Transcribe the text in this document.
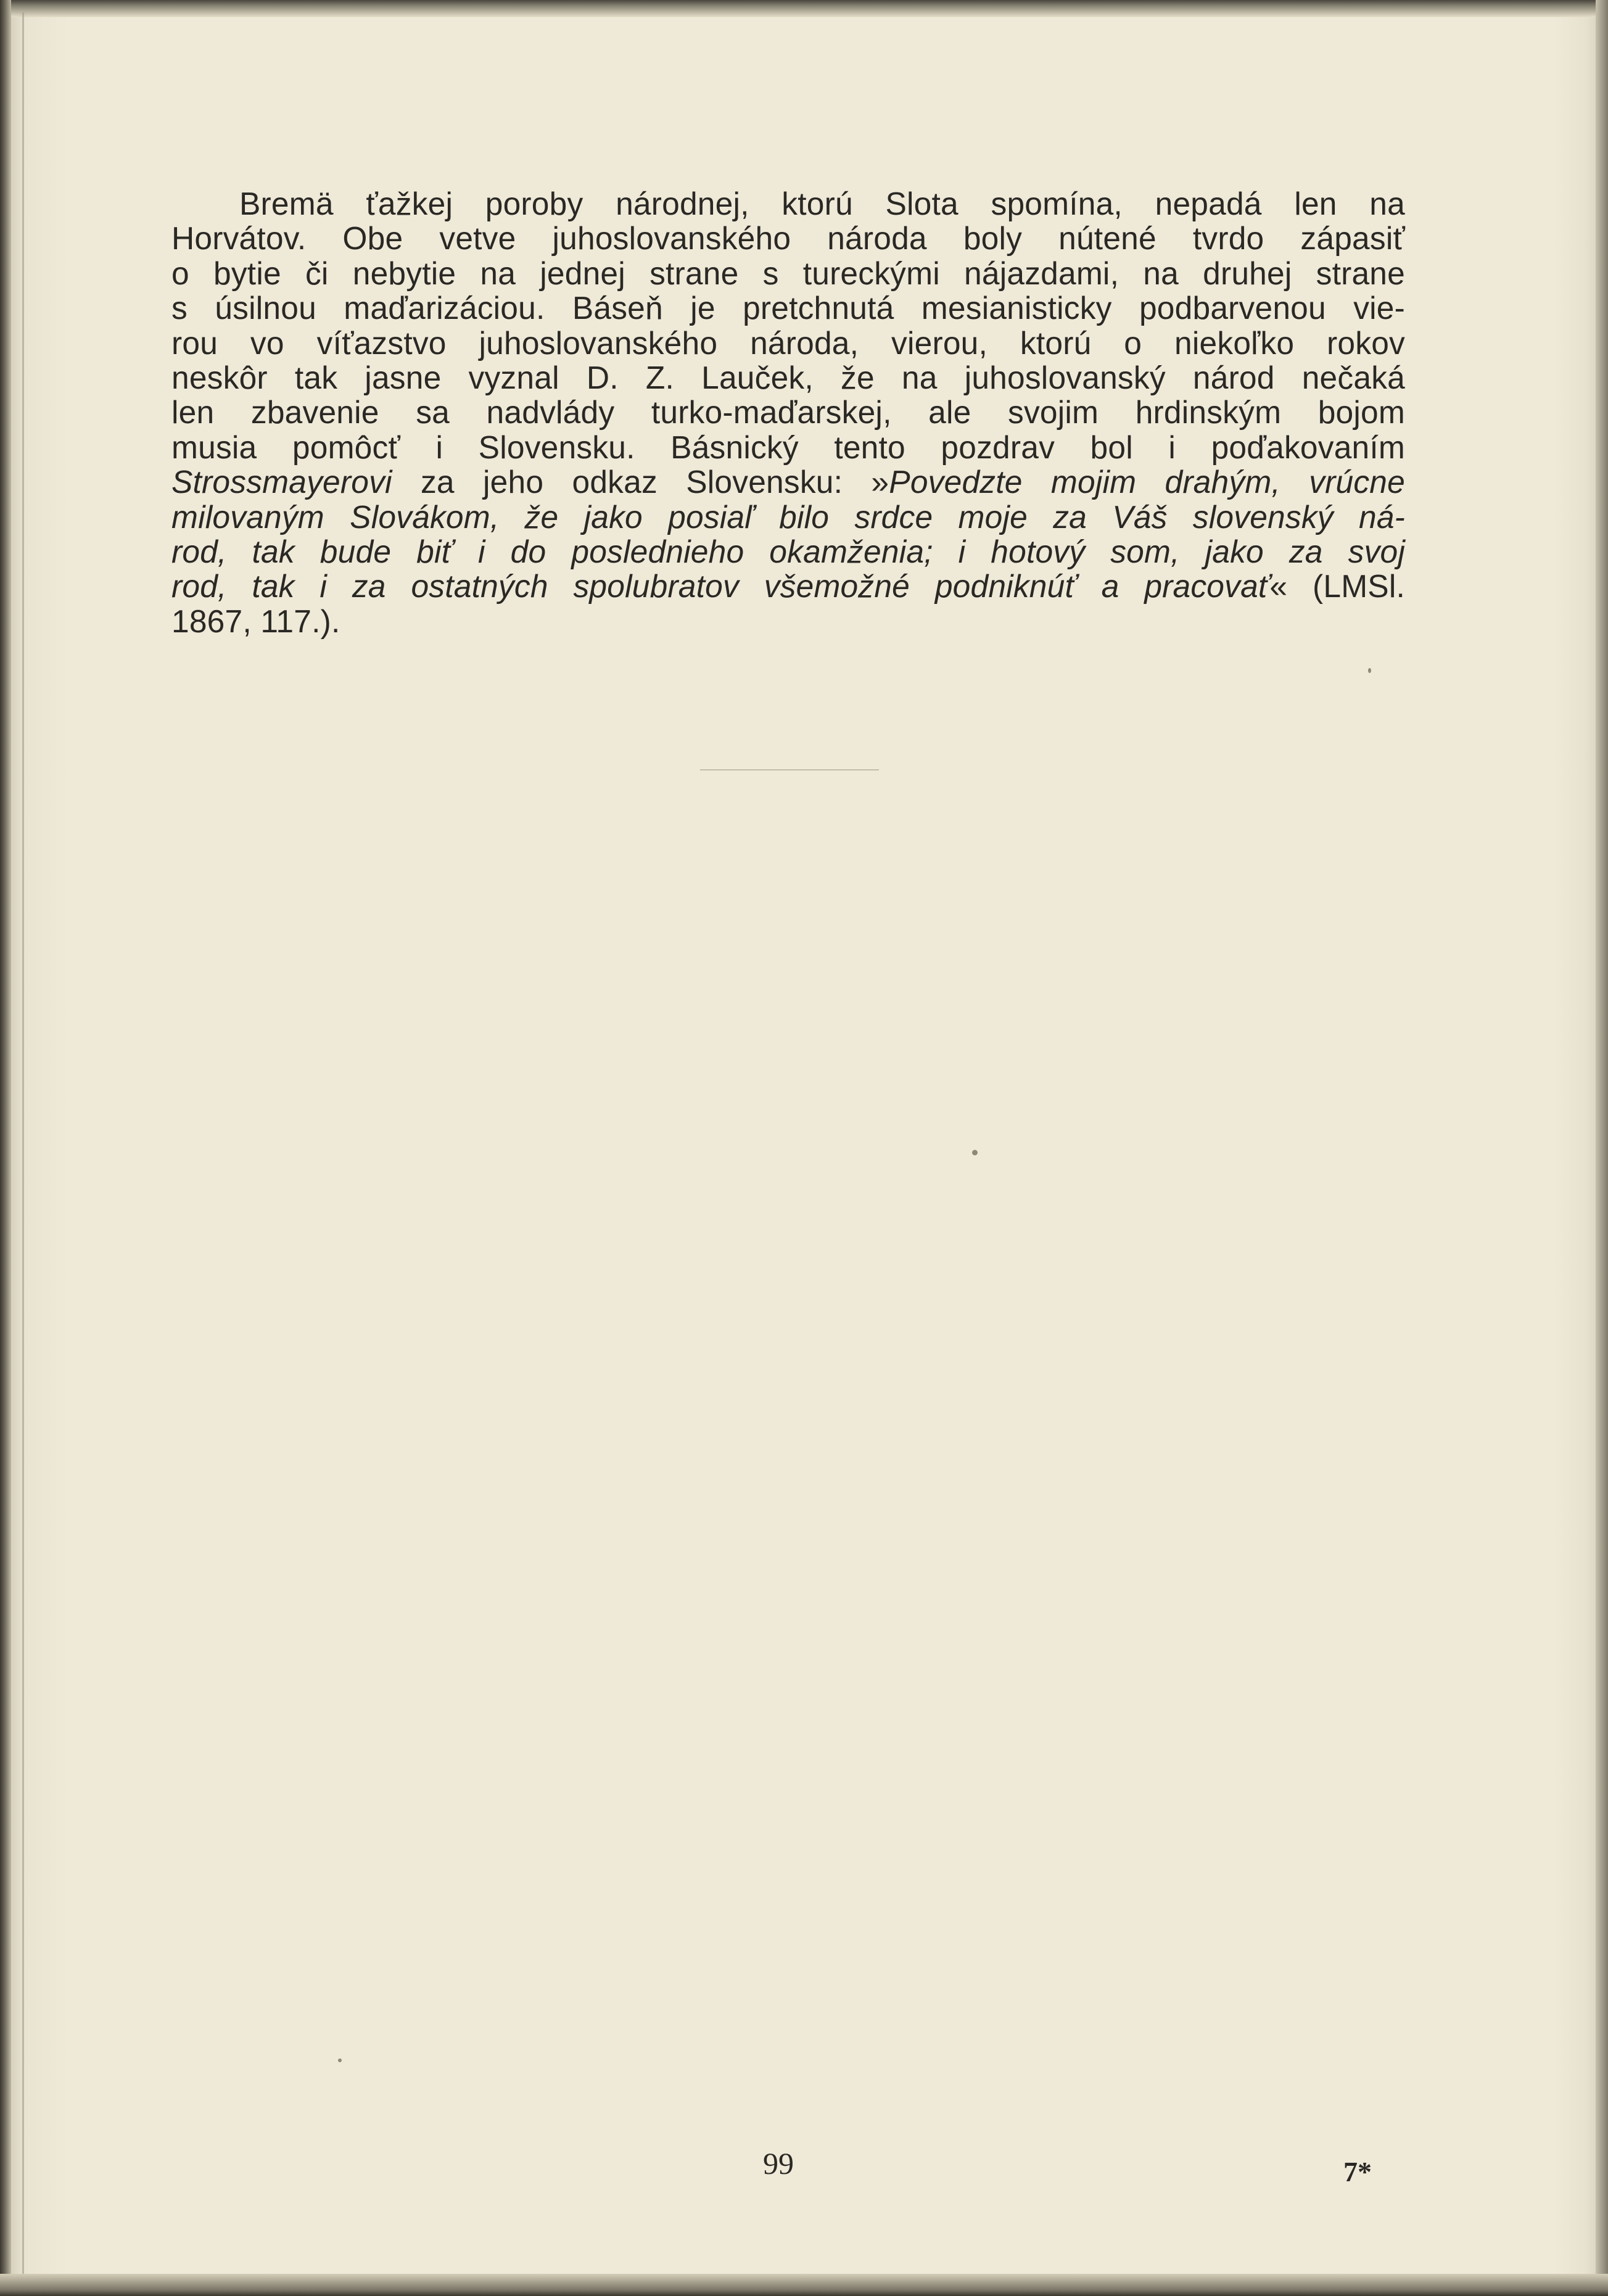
Bremä ťažkej poroby národnej, ktorú Slota spomína, nepadá len na
Horvátov. Obe vetve juhoslovanského národa boly nútené tvrdo zápasiť
o bytie či nebytie na jednej strane s tureckými nájazdami, na druhej strane
s úsilnou maďarizáciou. Báseň je pretchnutá mesianisticky podbarvenou vie-
rou vo víťazstvo juhoslovanského národa, vierou, ktorú o niekoľko rokov
neskôr tak jasne vyznal D. Z. Lauček, že na juhoslovanský národ nečaká
len zbavenie sa nadvlády turko-maďarskej, ale svojim hrdinským bojom
musia pomôcť i Slovensku. Básnický tento pozdrav bol i poďakovaním
Strossmayerovi za jeho odkaz Slovensku: »Povedzte mojim drahým, vrúcne
milovaným Slovákom, že jako posiaľ bilo srdce moje za Váš slovenský ná-
rod, tak bude biť i do poslednieho okamženia; i hotový som, jako za svoj
rod, tak i za ostatných spolubratov všemožné podniknúť a pracovať« (LMSl.
1867, 117.).
99	7*
